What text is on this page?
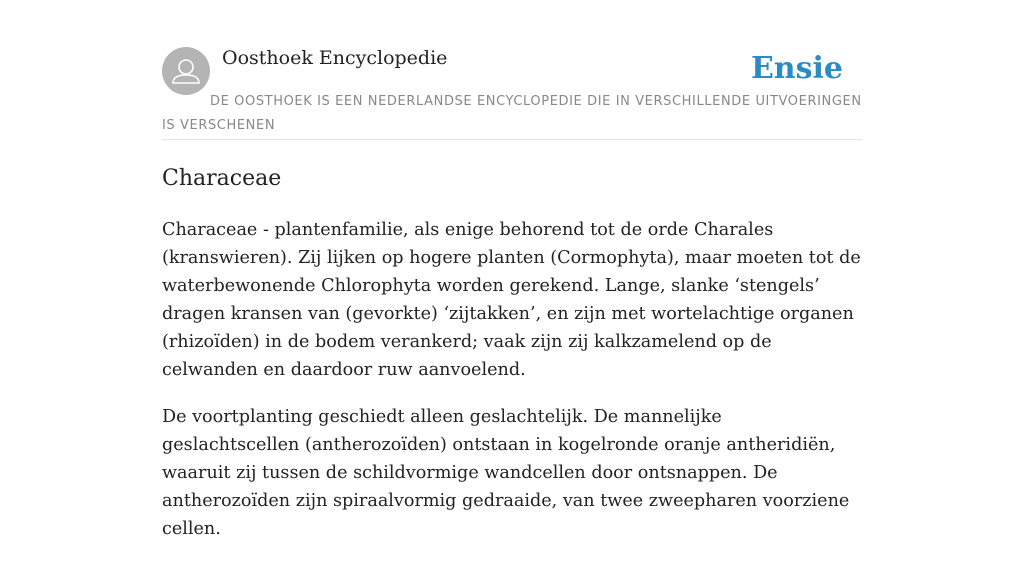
Oosthoek Encyclopedie	Ensie
DE OOSTHOEK IS EEN NEDERLANDSE ENCYCLOPEDIE DIE IN VERSCHILLENDE UITVOERINGEN IS VERSCHENEN
Characeae

Characeae - plantenfamilie, als enige behorend tot de orde Charales (kranswieren). Zij lijken op hogere planten (Cormophyta), maar moeten tot de waterbewonende Chlorophyta worden gerekend. Lange, slanke ‘stengels’ dragen kransen van (gevorkte) ‘zijtakken’, en zijn met wortelachtige organen (rhizoïden) in de bodem verankerd; vaak zijn zij kalkzamelend op de celwanden en daardoor ruw aanvoelend.

De voortplanting geschiedt alleen geslachtelijk. De mannelijke geslachtscellen (antherozoïden) ontstaan in kogelronde oranje antheridiën, waaruit zij tussen de schildvormige wandcellen door ontsnappen. De antherozoïden zijn spiraalvormig gedraaide, van twee zweepharen voorziene cellen.
